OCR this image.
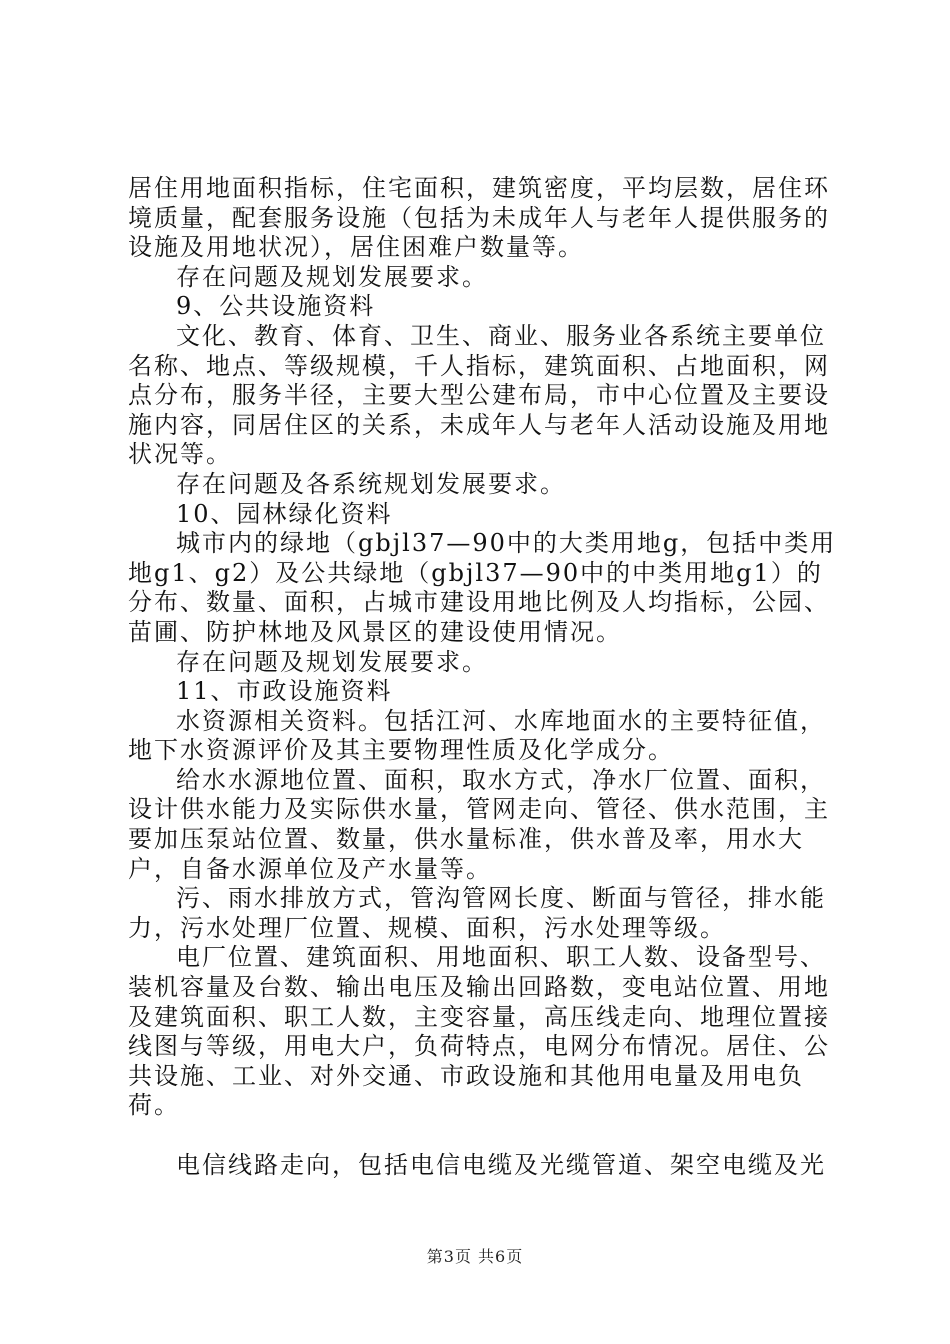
居住用地面积指标，住宅面积，建筑密度，平均层数，居住环境质量，配套服务设施（包括为未成年人与老年人提供服务的设施及用地状况），居住困难户数量等。

存在问题及规划发展要求。

9、公共设施资料

文化、教育、体育、卫生、商业、服务业各系统主要单位名称、地点、等级规模，千人指标，建筑面积、占地面积，网点分布，服务半径，主要大型公建布局，市中心位置及主要设施内容，同居住区的关系，未成年人与老年人活动设施及用地状况等。

存在问题及各系统规划发展要求。

10、园林绿化资料

城市内的绿地（gbjl37—90中的大类用地g，包括中类用地g1、g2）及公共绿地（gbjl37—90中的中类用地g1）的分布、数量、面积，占城市建设用地比例及人均指标，公园、苗圃、防护林地及风景区的建设使用情况。

存在问题及规划发展要求。

11、市政设施资料

水资源相关资料。包括江河、水库地面水的主要特征值，地下水资源评价及其主要物理性质及化学成分。

给水水源地位置、面积，取水方式，净水厂位置、面积，设计供水能力及实际供水量，管网走向、管径、供水范围，主要加压泵站位置、数量，供水量标准，供水普及率，用水大户，自备水源单位及产水量等。

污、雨水排放方式，管沟管网长度、断面与管径，排水能力，污水处理厂位置、规模、面积，污水处理等级。

电厂位置、建筑面积、用地面积、职工人数、设备型号、装机容量及台数、输出电压及输出回路数，变电站位置、用地及建筑面积、职工人数，主变容量，高压线走向、地理位置接线图与等级，用电大户，负荷特点，电网分布情况。居住、公共设施、工业、对外交通、市政设施和其他用电量及用电负荷。

电信线路走向，包括电信电缆及光缆管道、架空电缆及光

第3页 共6页
